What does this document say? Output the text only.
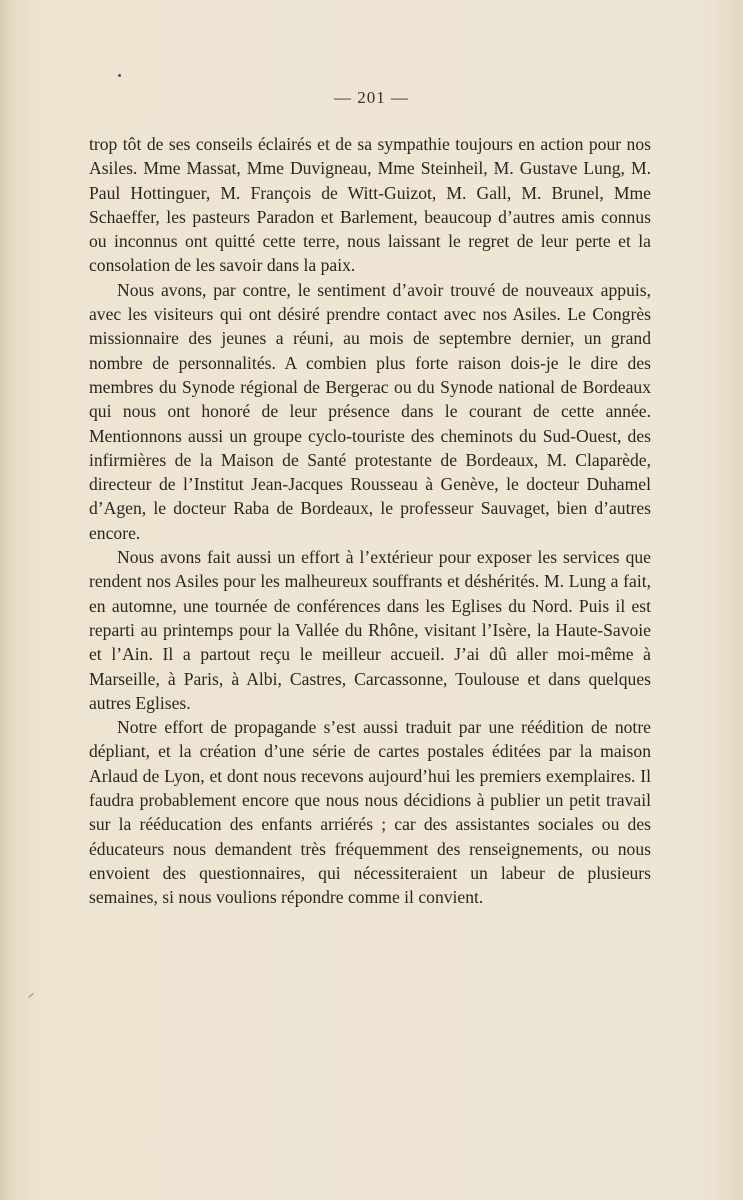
— 201 —

trop tôt de ses conseils éclairés et de sa sympathie toujours en action pour nos Asiles. Mme Massat, Mme Duvigneau, Mme Steinheil, M. Gustave Lung, M. Paul Hottinguer, M. François de Witt-Guizot, M. Gall, M. Brunel, Mme Schaeffer, les pasteurs Paradon et Barlement, beaucoup d’autres amis connus ou inconnus ont quitté cette terre, nous laissant le regret de leur perte et la consolation de les savoir dans la paix.

Nous avons, par contre, le sentiment d’avoir trouvé de nouveaux appuis, avec les visiteurs qui ont désiré prendre contact avec nos Asiles. Le Congrès missionnaire des jeunes a réuni, au mois de septembre dernier, un grand nombre de personnalités. A combien plus forte raison dois-je le dire des membres du Synode régional de Bergerac ou du Synode national de Bordeaux qui nous ont honoré de leur présence dans le courant de cette année. Mentionnons aussi un groupe cyclo-touriste des cheminots du Sud-Ouest, des infirmières de la Maison de Santé protestante de Bordeaux, M. Claparède, directeur de l’Institut Jean-Jacques Rousseau à Genève, le docteur Duhamel d’Agen, le docteur Raba de Bordeaux, le professeur Sauvaget, bien d’autres encore.

Nous avons fait aussi un effort à l’extérieur pour exposer les services que rendent nos Asiles pour les malheureux souffrants et déshérités. M. Lung a fait, en automne, une tournée de conférences dans les Eglises du Nord. Puis il est reparti au printemps pour la Vallée du Rhône, visitant l’Isère, la Haute-Savoie et l’Ain. Il a partout reçu le meilleur accueil. J’ai dû aller moi-même à Marseille, à Paris, à Albi, Castres, Carcassonne, Toulouse et dans quelques autres Eglises.

Notre effort de propagande s’est aussi traduit par une réédition de notre dépliant, et la création d’une série de cartes postales éditées par la maison Arlaud de Lyon, et dont nous recevons aujourd’hui les premiers exemplaires. Il faudra probablement encore que nous nous décidions à publier un petit travail sur la rééducation des enfants arriérés ; car des assistantes sociales ou des éducateurs nous demandent très fréquemment des renseignements, ou nous envoient des questionnaires, qui nécessiteraient un labeur de plusieurs semaines, si nous voulions répondre comme il convient.
